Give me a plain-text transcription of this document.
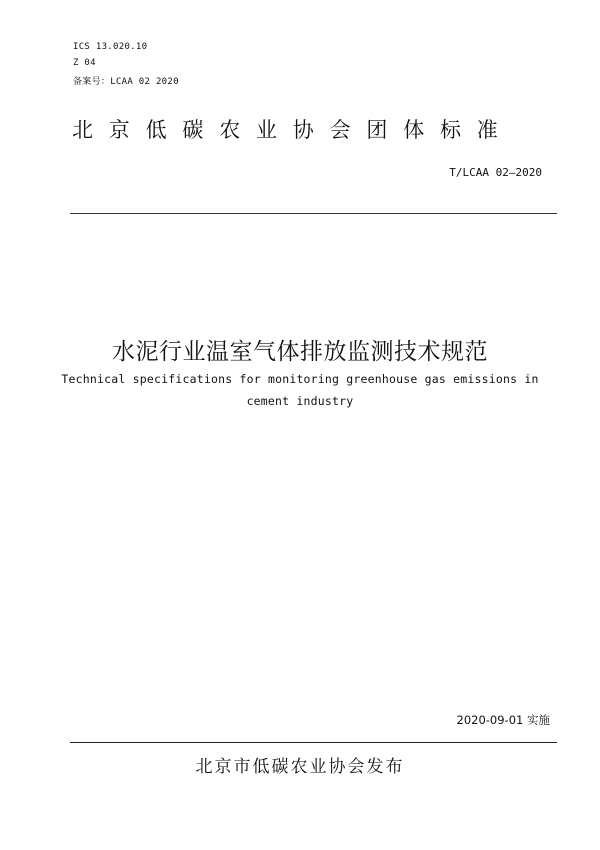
ICS 13.020.10
Z 04
备案号：LCAA 02 2020
北京低碳农业协会团体标准
T/LCAA 02—2020
水泥行业温室气体排放监测技术规范
Technical specifications for monitoring greenhouse gas emissions in
cement industry
2020-09-01 实施
北京市低碳农业协会发布
